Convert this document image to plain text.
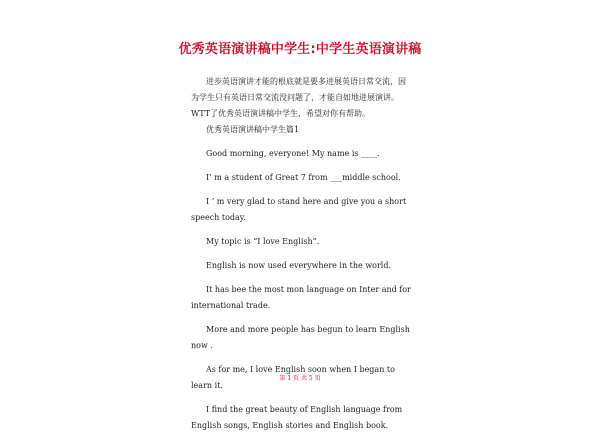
优秀英语演讲稿中学生:中学生英语演讲稿

进步英语演讲才能的根底就是要多进展英语日常交流，因为学生只有英语日常交流没问题了，才能自如地进展演讲。WTT了优秀英语演讲稿中学生，希望对你有帮助。

优秀英语演讲稿中学生篇1

Good morning, everyone! My name is ____.

I’ m a student of Great 7 from ___middle school.

I ’ m very glad to stand here and give you a short speech today.

My topic is “I love English”.

English is now used everywhere in the world.

It has bee the most mon language on Inter and for international trade.

More and more people has begun to learn English now .

As for me, I love English soon when I began to learn it.

I find the great beauty of English language from English songs, English stories and English book.

第 1 页 共 5 页
